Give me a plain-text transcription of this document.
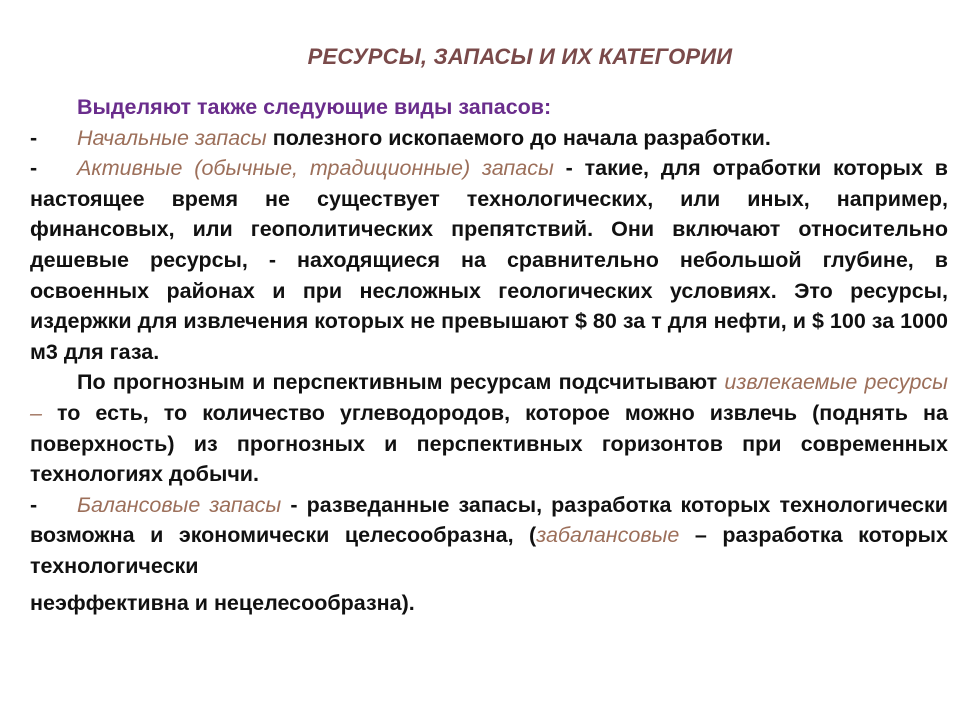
РЕСУРСЫ, ЗАПАСЫ И ИХ КАТЕГОРИИ

Выделяют также следующие виды запасов:

- Начальные запасы полезного ископаемого до начала разработки.

- Активные (обычные, традиционные) запасы - такие, для отработки которых в настоящее время не существует технологических, или иных, например, финансовых, или геополитических препятствий. Они включают относительно дешевые ресурсы, - находящиеся на сравнительно небольшой глубине, в освоенных районах и при несложных геологических условиях. Это ресурсы, издержки для извлечения которых не превышают $ 80 за т для нефти, и $ 100 за 1000 м3 для газа.

По прогнозным и перспективным ресурсам подсчитывают извлекаемые ресурсы – то есть, то количество углеводородов, которое можно извлечь (поднять на поверхность) из прогнозных и перспективных горизонтов при современных технологиях добычи.

- Балансовые запасы - разведанные запасы, разработка которых технологически возможна и экономически целесообразна, (забалансовые – разработка которых технологически

неэффективна и нецелесообразна).
